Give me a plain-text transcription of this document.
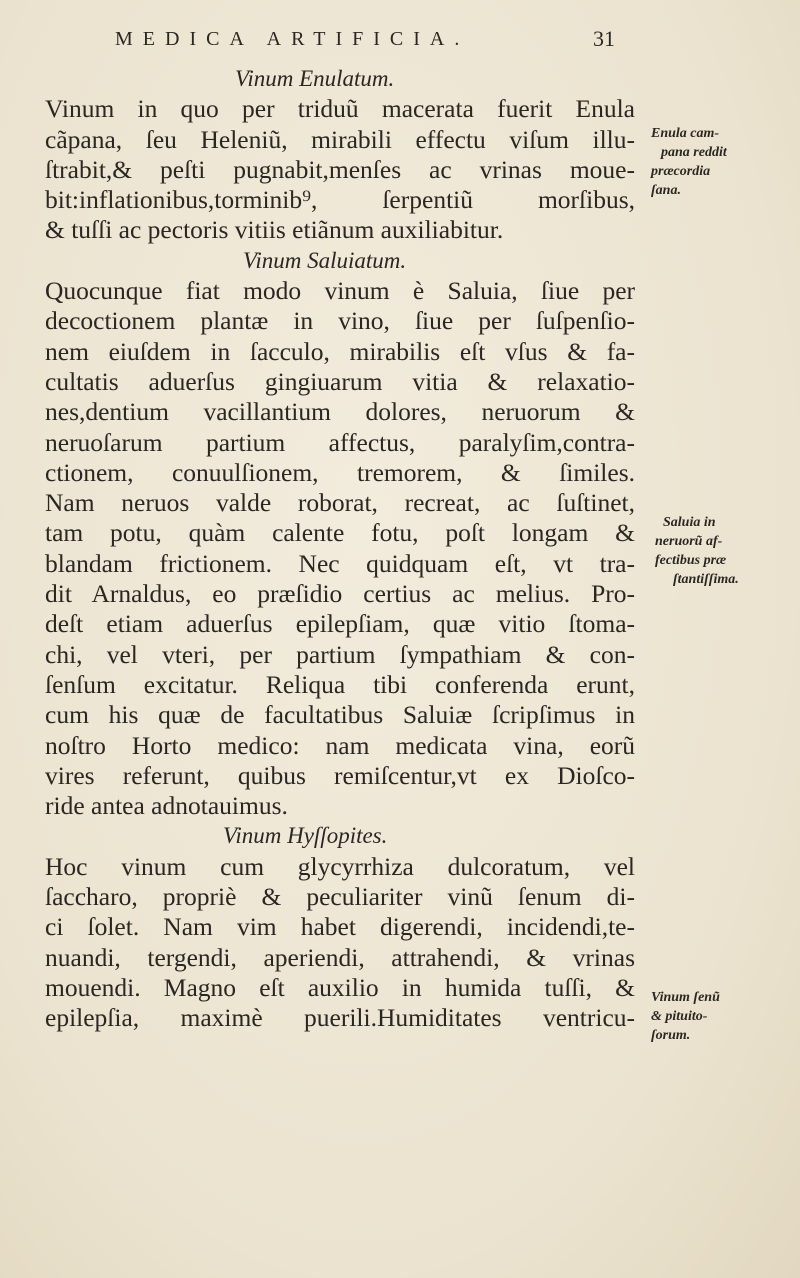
MEDICA ARTIFICIA.	31
Vinum Enulatum.
Vinum in quo per triduũ macerata fuerit Enula
cãpana, ſeu Heleniũ, mirabili effectu viſum illu-
ſtrabit,& peſti pugnabit,menſes ac vrinas moue-
bit:inflationibus,torminib⁹, ſerpentiũ morſibus,
& tuſſi ac pectoris vitiis etiãnum auxiliabitur.
Vinum Saluiatum.
Quocunque fiat modo vinum è Saluia, ſiue per
decoctionem plantæ in vino, ſiue per ſuſpenſio-
nem eiuſdem in ſacculo, mirabilis eſt vſus & fa-
cultatis aduerſus gingiuarum vitia & relaxatio-
nes,dentium vacillantium dolores, neruorum &
neruoſarum partium affectus, paralyſim,contra-
ctionem, conuulſionem, tremorem, & ſimiles.
Nam neruos valde roborat, recreat, ac ſuſtinet,
tam potu, quàm calente fotu, poſt longam &
blandam frictionem. Nec quidquam eſt, vt tra-
dit Arnaldus, eo præſidio certius ac melius. Pro-
deſt etiam aduerſus epilepſiam, quæ vitio ſtoma-
chi, vel vteri, per partium ſympathiam & con-
ſenſum excitatur. Reliqua tibi conferenda erunt,
cum his quæ de facultatibus Saluiæ ſcripſimus in
noſtro Horto medico: nam medicata vina, eorũ
vires referunt, quibus remiſcentur,vt ex Dioſco-
ride antea adnotauimus.
Vinum Hyſſopites.
Hoc vinum cum glycyrrhiza dulcoratum, vel
ſaccharo, propriè & peculiariter vinũ ſenum di-
ci ſolet. Nam vim habet digerendi, incidendi,te-
nuandi, tergendi, aperiendi, attrahendi, & vrinas
mouendi. Magno eſt auxilio in humida tuſſi, &
epilepſia, maximè puerili.Humiditates ventricu-
Enula cam-
pana reddit
præcordia
ſana.
Saluia in
neruorũ af-
fectibus præ
ſtantiſſima.
Vinum ſenũ
& pituito-
ſorum.
